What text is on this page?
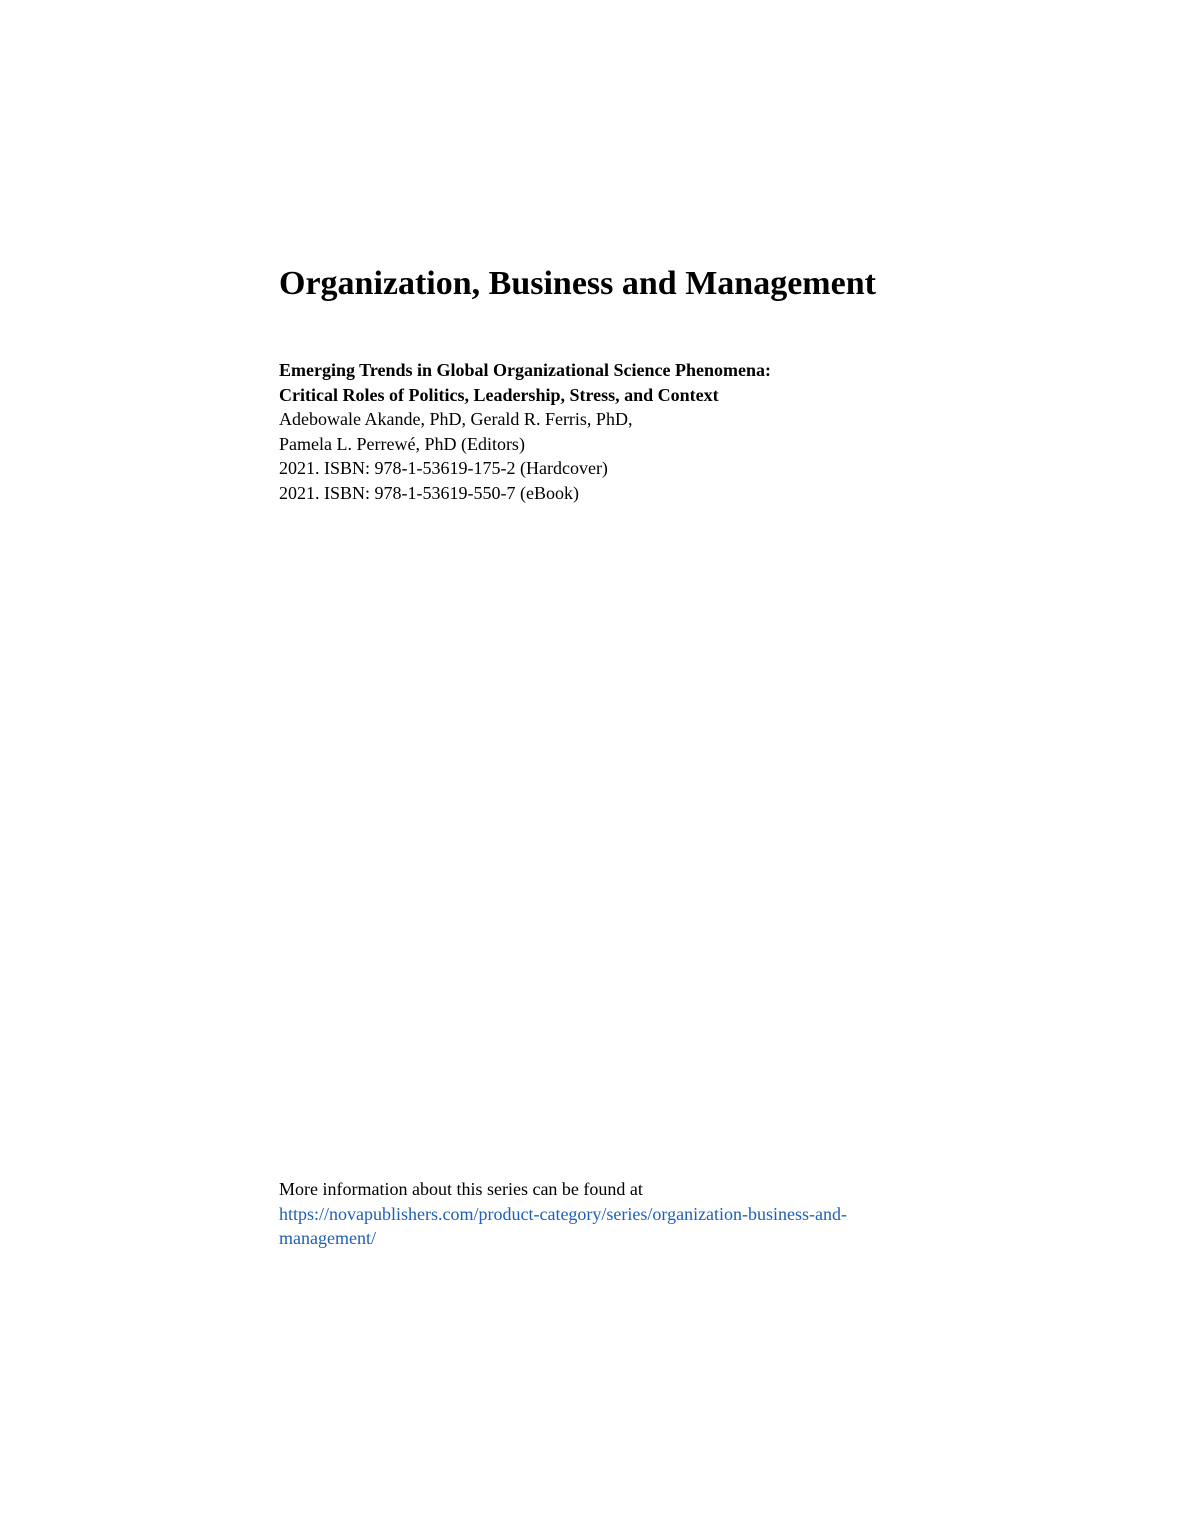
Organization, Business and Management
Emerging Trends in Global Organizational Science Phenomena:
Critical Roles of Politics, Leadership, Stress, and Context
Adebowale Akande, PhD, Gerald R. Ferris, PhD,
Pamela L. Perrewé, PhD (Editors)
2021. ISBN: 978-1-53619-175-2 (Hardcover)
2021. ISBN: 978-1-53619-550-7 (eBook)
More information about this series can be found at
https://novapublishers.com/product-category/series/organization-business-and-
management/
